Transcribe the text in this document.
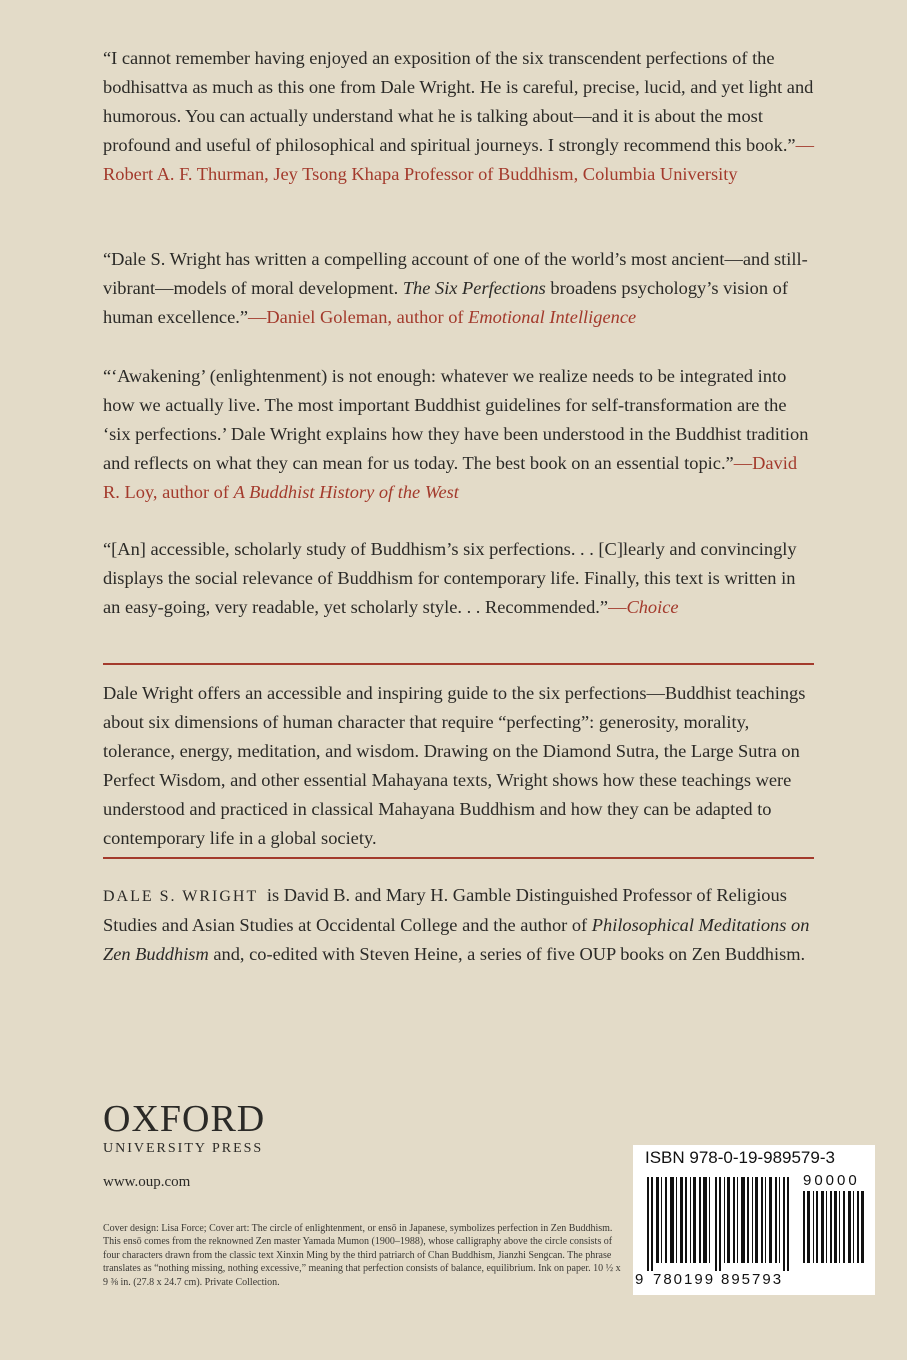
“I cannot remember having enjoyed an exposition of the six transcendent perfections of the bodhisattva as much as this one from Dale Wright. He is careful, precise, lucid, and yet light and humorous. You can actually understand what he is talking about—and it is about the most profound and useful of philosophical and spiritual journeys. I strongly recommend this book.”—Robert A. F. Thurman, Jey Tsong Khapa Professor of Buddhism, Columbia University

“Dale S. Wright has written a compelling account of one of the world’s most ancient—and still-vibrant—models of moral development. The Six Perfections broadens psychology’s vision of human excellence.”—Daniel Goleman, author of Emotional Intelligence

“‘Awakening’ (enlightenment) is not enough: whatever we realize needs to be integrated into how we actually live. The most important Buddhist guidelines for self-transformation are the ‘six perfections.’ Dale Wright explains how they have been understood in the Buddhist tradition and reflects on what they can mean for us today. The best book on an essential topic.”—David R. Loy, author of A Buddhist History of the West

“[An] accessible, scholarly study of Buddhism’s six perfections. . . [C]learly and convincingly displays the social relevance of Buddhism for contemporary life. Finally, this text is written in an easy-going, very readable, yet scholarly style. . . Recommended.”—Choice

Dale Wright offers an accessible and inspiring guide to the six perfections—Buddhist teachings about six dimensions of human character that require “perfecting”: generosity, morality, tolerance, energy, meditation, and wisdom. Drawing on the Diamond Sutra, the Large Sutra on Perfect Wisdom, and other essential Mahayana texts, Wright shows how these teachings were understood and practiced in classical Mahayana Buddhism and how they can be adapted to contemporary life in a global society.

DALE S. WRIGHT is David B. and Mary H. Gamble Distinguished Professor of Religious Studies and Asian Studies at Occidental College and the author of Philosophical Meditations on Zen Buddhism and, co-edited with Steven Heine, a series of five OUP books on Zen Buddhism.

OXFORD
UNIVERSITY PRESS
www.oup.com
Cover design: Lisa Force; Cover art: The circle of enlightenment, or ensō in Japanese, symbolizes perfection in Zen Buddhism. This ensō comes from the reknowned Zen master Yamada Mumon (1900–1988), whose calligraphy above the circle consists of four characters drawn from the classic text Xinxin Ming by the third patriarch of Chan Buddhism, Jianzhi Sengcan. The phrase translates as “nothing missing, nothing excessive,” meaning that perfection consists of balance, equilibrium. Ink on paper. 10 ½ x 9 ⅜ in. (27.8 x 24.7 cm). Private Collection.
ISBN 978-0-19-989579-3
90000
9 780199 895793
